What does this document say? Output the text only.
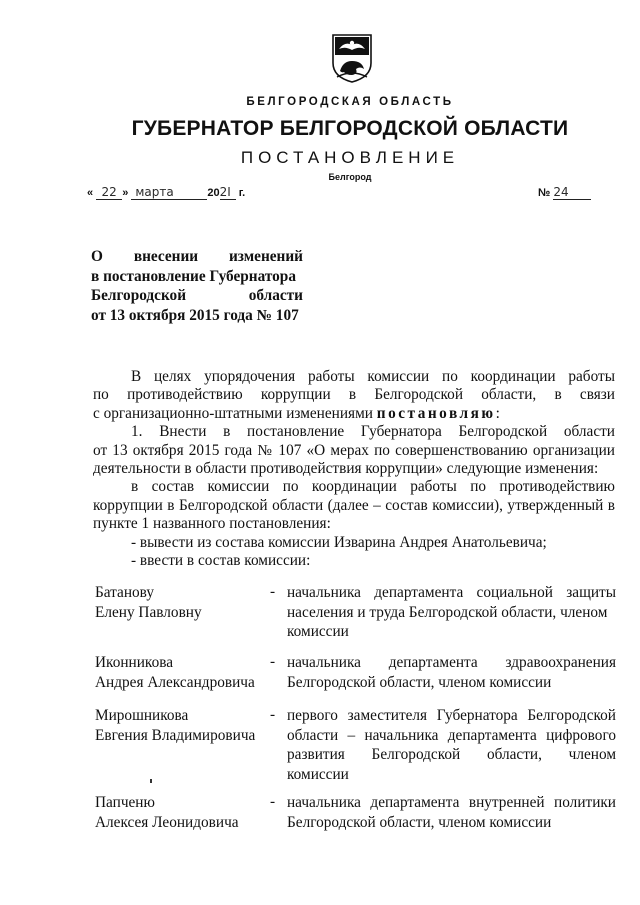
БЕЛГОРОДСКАЯ ОБЛАСТЬ
ГУБЕРНАТОР БЕЛГОРОДСКОЙ ОБЛАСТИ
ПОСТАНОВЛЕНИЕ
Белгород
« 22 » марта	202I г.	№ 24
О внесении изменений
в постановление Губернатора
Белгородской области
от 13 октября 2015 года № 107

В целях упорядочения работы комиссии по координации работы

по противодействию коррупции в Белгородской области, в связи

с организационно-штатными изменениями постановляю:

1. Внести в постановление Губернатора Белгородской области

от 13 октября 2015 года № 107 «О мерах по совершенствованию организации деятельности в области противодействия коррупции» следующие изменения:

в состав комиссии по координации работы по противодействию

коррупции в Белгородской области (далее – состав комиссии), утвержденный в пункте 1 названного постановления:

- вывести из состава комиссии Изварина Андрея Анатольевича;

- ввести в состав комиссии:

Батанову
Елену Павловну
- начальника департамента социальной защиты
населения и труда Белгородской области, членом комиссии
Иконникова
Андрея Александровича
- начальника департамента здравоохранения
Белгородской области, членом комиссии
Мирошникова
Евгения Владимировича
- первого заместителя Губернатора Белгородской
области – начальника департамента цифрового
развития Белгородской области, членом
комиссии
Папченю
Алексея Леонидовича
- начальника департамента внутренней политики
Белгородской области, членом комиссии
